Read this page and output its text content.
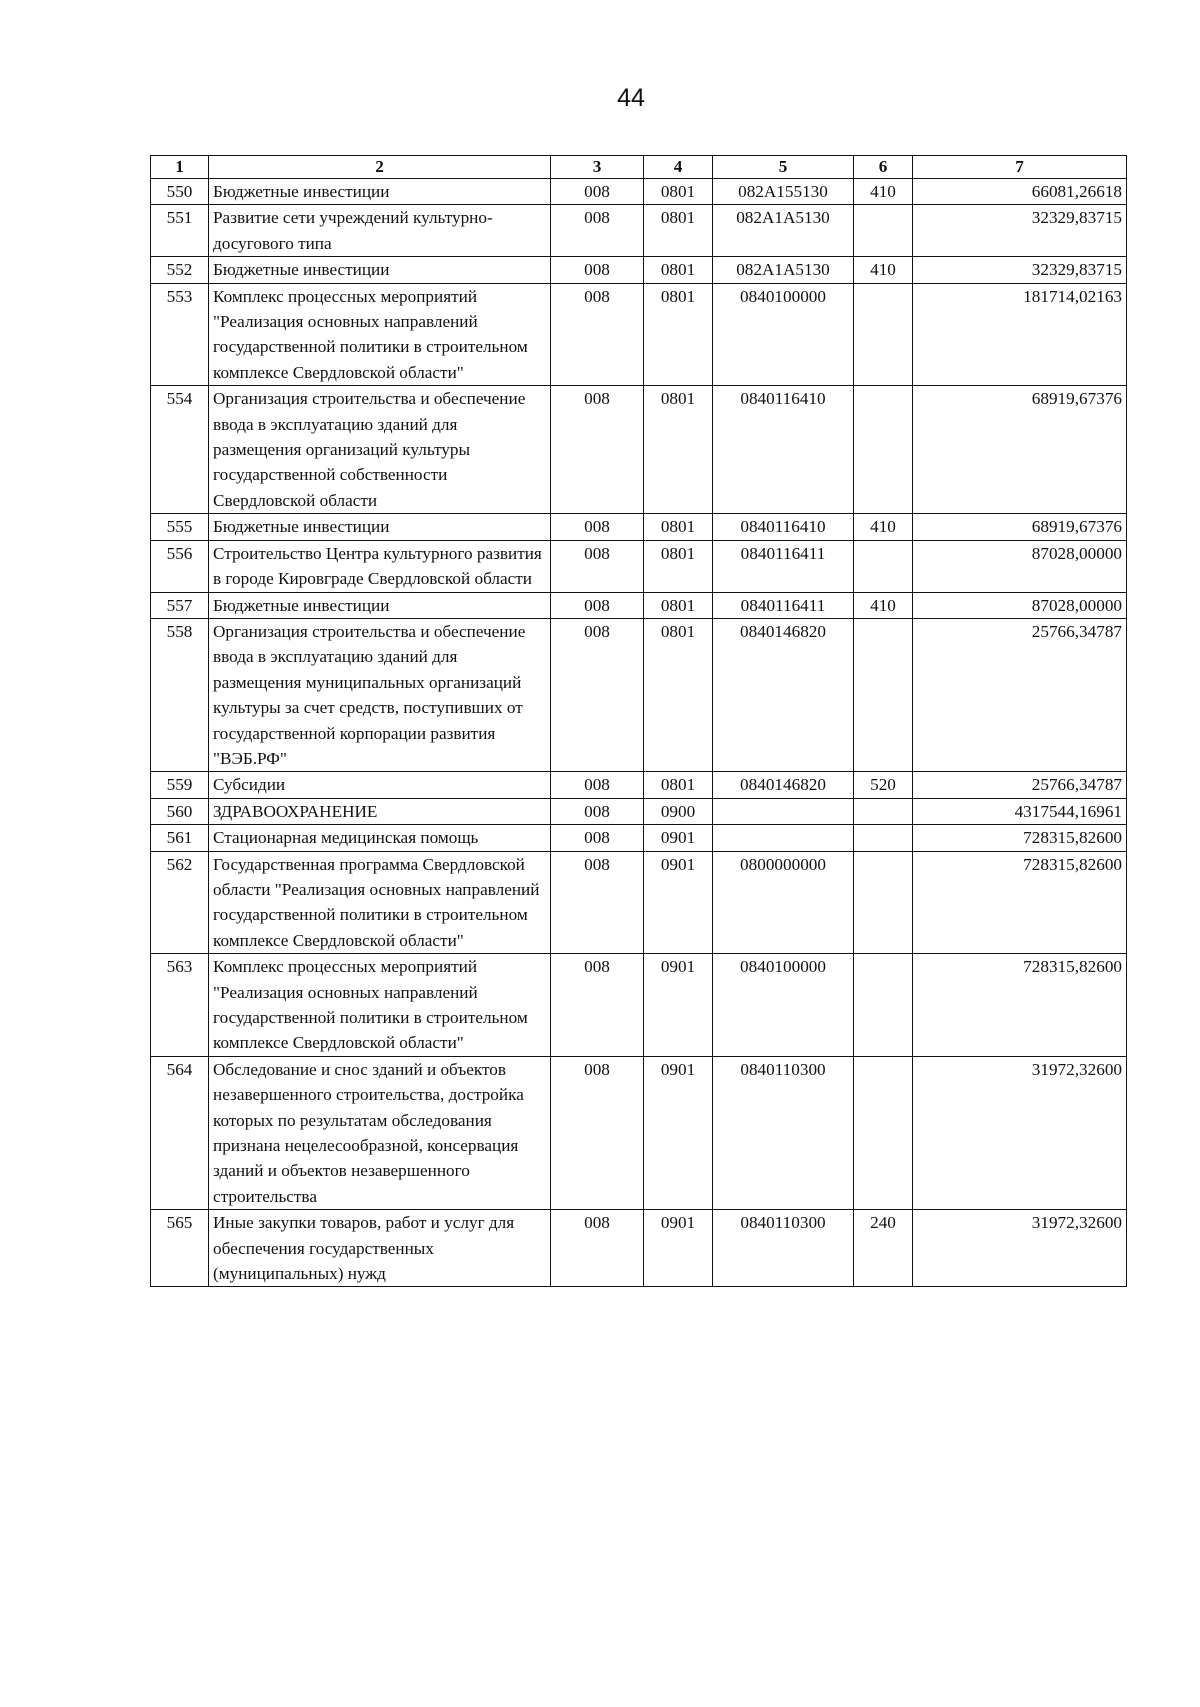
44
1	2	3	4	5	6	7
550	Бюджетные инвестиции	008	0801	082A155130	410	66081,26618
551	Развитие сети учреждений культурно-досугового типа	008	0801	082A1A5130		32329,83715
552	Бюджетные инвестиции	008	0801	082A1A5130	410	32329,83715
553	Комплекс процессных мероприятий "Реализация основных направлений государственной политики в строительном комплексе Свердловской области"	008	0801	0840100000		181714,02163
554	Организация строительства и обеспечение ввода в эксплуатацию зданий для размещения организаций культуры государственной собственности Свердловской области	008	0801	0840116410		68919,67376
555	Бюджетные инвестиции	008	0801	0840116410	410	68919,67376
556	Строительство Центра культурного развития в городе Кировграде Свердловской области	008	0801	0840116411		87028,00000
557	Бюджетные инвестиции	008	0801	0840116411	410	87028,00000
558	Организация строительства и обеспечение ввода в эксплуатацию зданий для размещения муниципальных организаций культуры за счет средств, поступивших от государственной корпорации развития "ВЭБ.РФ"	008	0801	0840146820		25766,34787
559	Субсидии	008	0801	0840146820	520	25766,34787
560	ЗДРАВООХРАНЕНИЕ	008	0900			4317544,16961
561	Стационарная медицинская помощь	008	0901			728315,82600
562	Государственная программа Свердловской области "Реализация основных направлений государственной политики в строительном комплексе Свердловской области"	008	0901	0800000000		728315,82600
563	Комплекс процессных мероприятий "Реализация основных направлений государственной политики в строительном комплексе Свердловской области"	008	0901	0840100000		728315,82600
564	Обследование и снос зданий и объектов незавершенного строительства, достройка которых по результатам обследования признана нецелесообразной, консервация зданий и объектов незавершенного строительства	008	0901	0840110300		31972,32600
565	Иные закупки товаров, работ и услуг для обеспечения государственных (муниципальных) нужд	008	0901	0840110300	240	31972,32600
